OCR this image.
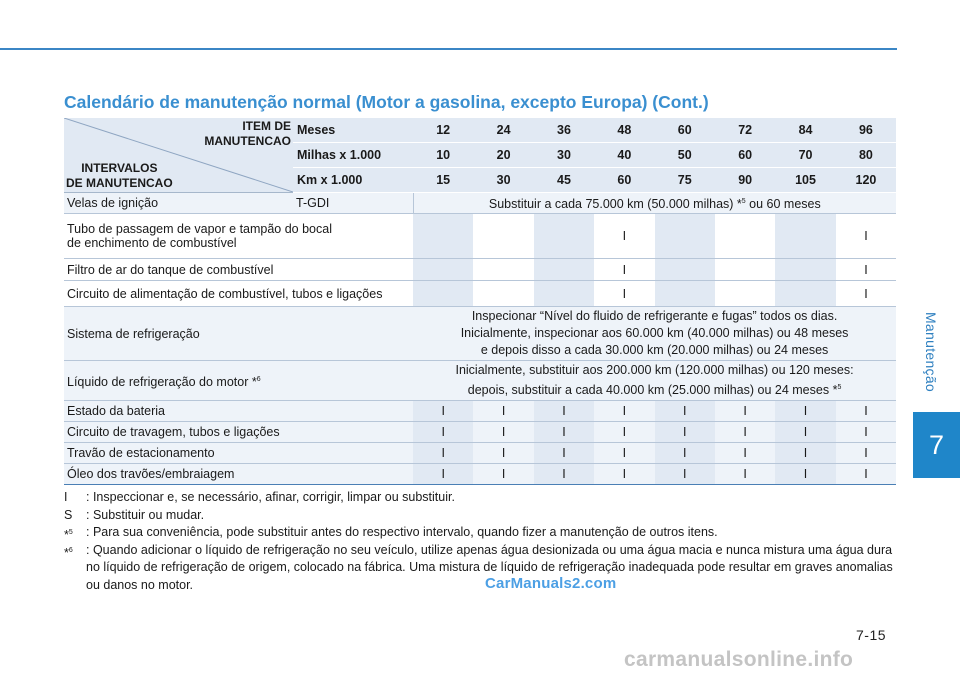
Calendário de manutenção normal (Motor a gasolina, excepto Europa) (Cont.)
Manutenção
7
ITEM DE
MANUTENCAO
INTERVALOS
DE MANUTENCAO	Meses	12	24	36	48	60	72	84	96
	Milhas x 1.000	10	20	30	40	50	60	70	80
	Km x 1.000	15	30	45	60	75	90	105	120
Velas de ignição	T-GDI	Substituir a cada 75.000 km (50.000 milhas) *$^5$ ou 60 meses							

Tubo de passagem de vapor e tampão do bocal
de enchimento de combustível					I				I

Filtro de ar do tanque de combustível					I				I

Circuito de alimentação de combustível, tubos e ligações					I				I
Sistema de refrigeração		Inspecionar “Nível do fluido de refrigerante e fugas” todos os dias.
Inicialmente, inspecionar aos 60.000 km (40.000 milhas) ou 48 meses
e depois disso a cada 30.000 km (20.000 milhas) ou 24 meses							

Líquido de refrigeração do motor *$^6$		Inicialmente, substituir aos 200.000 km (120.000 milhas) ou 120 meses:
depois, substituir a cada 40.000 km (25.000 milhas) ou 24 meses *$^5$

Estado da bateria		I	I	I	I	I	I	I	I

Circuito de travagem, tubos e ligações		I	I	I	I	I	I	I	I

Travão de estacionamento		I	I	I	I	I	I	I	I

Óleo dos travões/embraiagem		I	I	I	I	I	I	I	I
I : Inspeccionar e, se necessário, afinar, corrigir, limpar ou substituir.
S : Substituir ou mudar.
*$^5$	: Para sua conveniência, pode substituir antes do respectivo intervalo, quando fizer a manutenção de outros itens.
*$^6$	: Quando adicionar o líquido de refrigeração no seu veículo, utilize apenas água desionizada ou uma água macia e nunca mistura uma água dura no líquido de refrigeração de origem, colocado na fábrica. Uma mistura de líquido de refrigeração inadequada pode resultar em graves anomalias ou danos no motor.	CarManuals2.com
7-15
carmanualsonline.info
